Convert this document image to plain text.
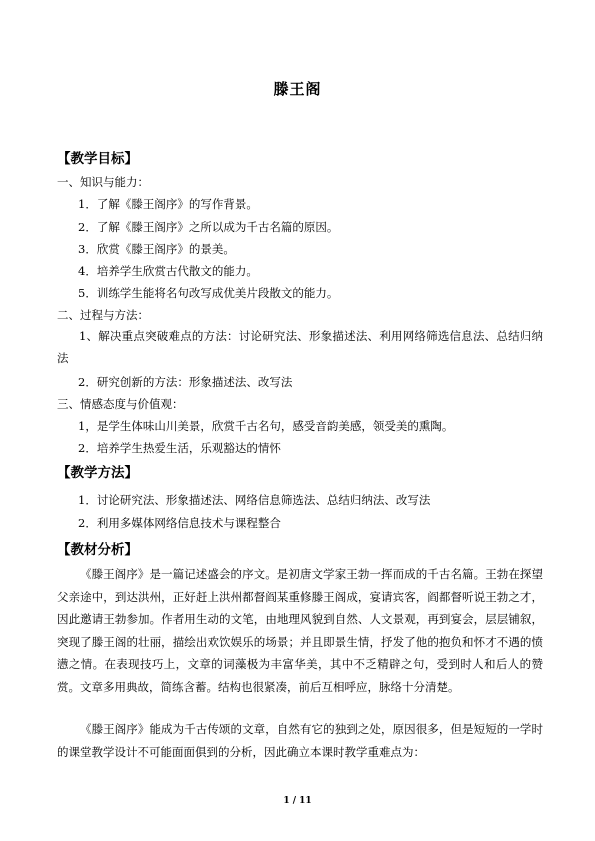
滕王阁
【教学目标】
一、知识与能力：
1．了解《滕王阁序》的写作背景。
2．了解《滕王阁序》之所以成为千古名篇的原因。
3．欣赏《滕王阁序》的景美。
4．培养学生欣赏古代散文的能力。
5．训练学生能将名句改写成优美片段散文的能力。
二、过程与方法：

1、解决重点突破难点的方法：讨论研究法、形象描述法、利用网络筛选信息法、总结归纳法

2．研究创新的方法：形象描述法、改写法
三、情感态度与价值观：
1，是学生体味山川美景，欣赏千古名句，感受音韵美感，领受美的熏陶。
2．培养学生热爱生活，乐观豁达的情怀
【教学方法】
1．讨论研究法、形象描述法、网络信息筛选法、总结归纳法、改写法
2．利用多媒体网络信息技术与课程整合
【教材分析】

《滕王阁序》是一篇记述盛会的序文。是初唐文学家王勃一挥而成的千古名篇。王勃在探望父亲途中，到达洪州，正好赶上洪州都督阎某重修滕王阁成，宴请宾客，阎都督听说王勃之才，因此邀请王勃参加。作者用生动的文笔，由地理风貌到自然、人文景观，再到宴会，层层铺叙，突现了滕王阁的壮丽，描绘出欢饮娱乐的场景；并且即景生情，抒发了他的抱负和怀才不遇的愤懑之情。在表现技巧上，文章的词藻极为丰富华美，其中不乏精辟之句，受到时人和后人的赞赏。文章多用典故，简练含蓄。结构也很紧凑，前后互相呼应，脉络十分清楚。

《滕王阁序》能成为千古传颂的文章，自然有它的独到之处，原因很多，但是短短的一学时的课堂教学设计不可能面面俱到的分析，因此确立本课时教学重难点为：

1 / 11
